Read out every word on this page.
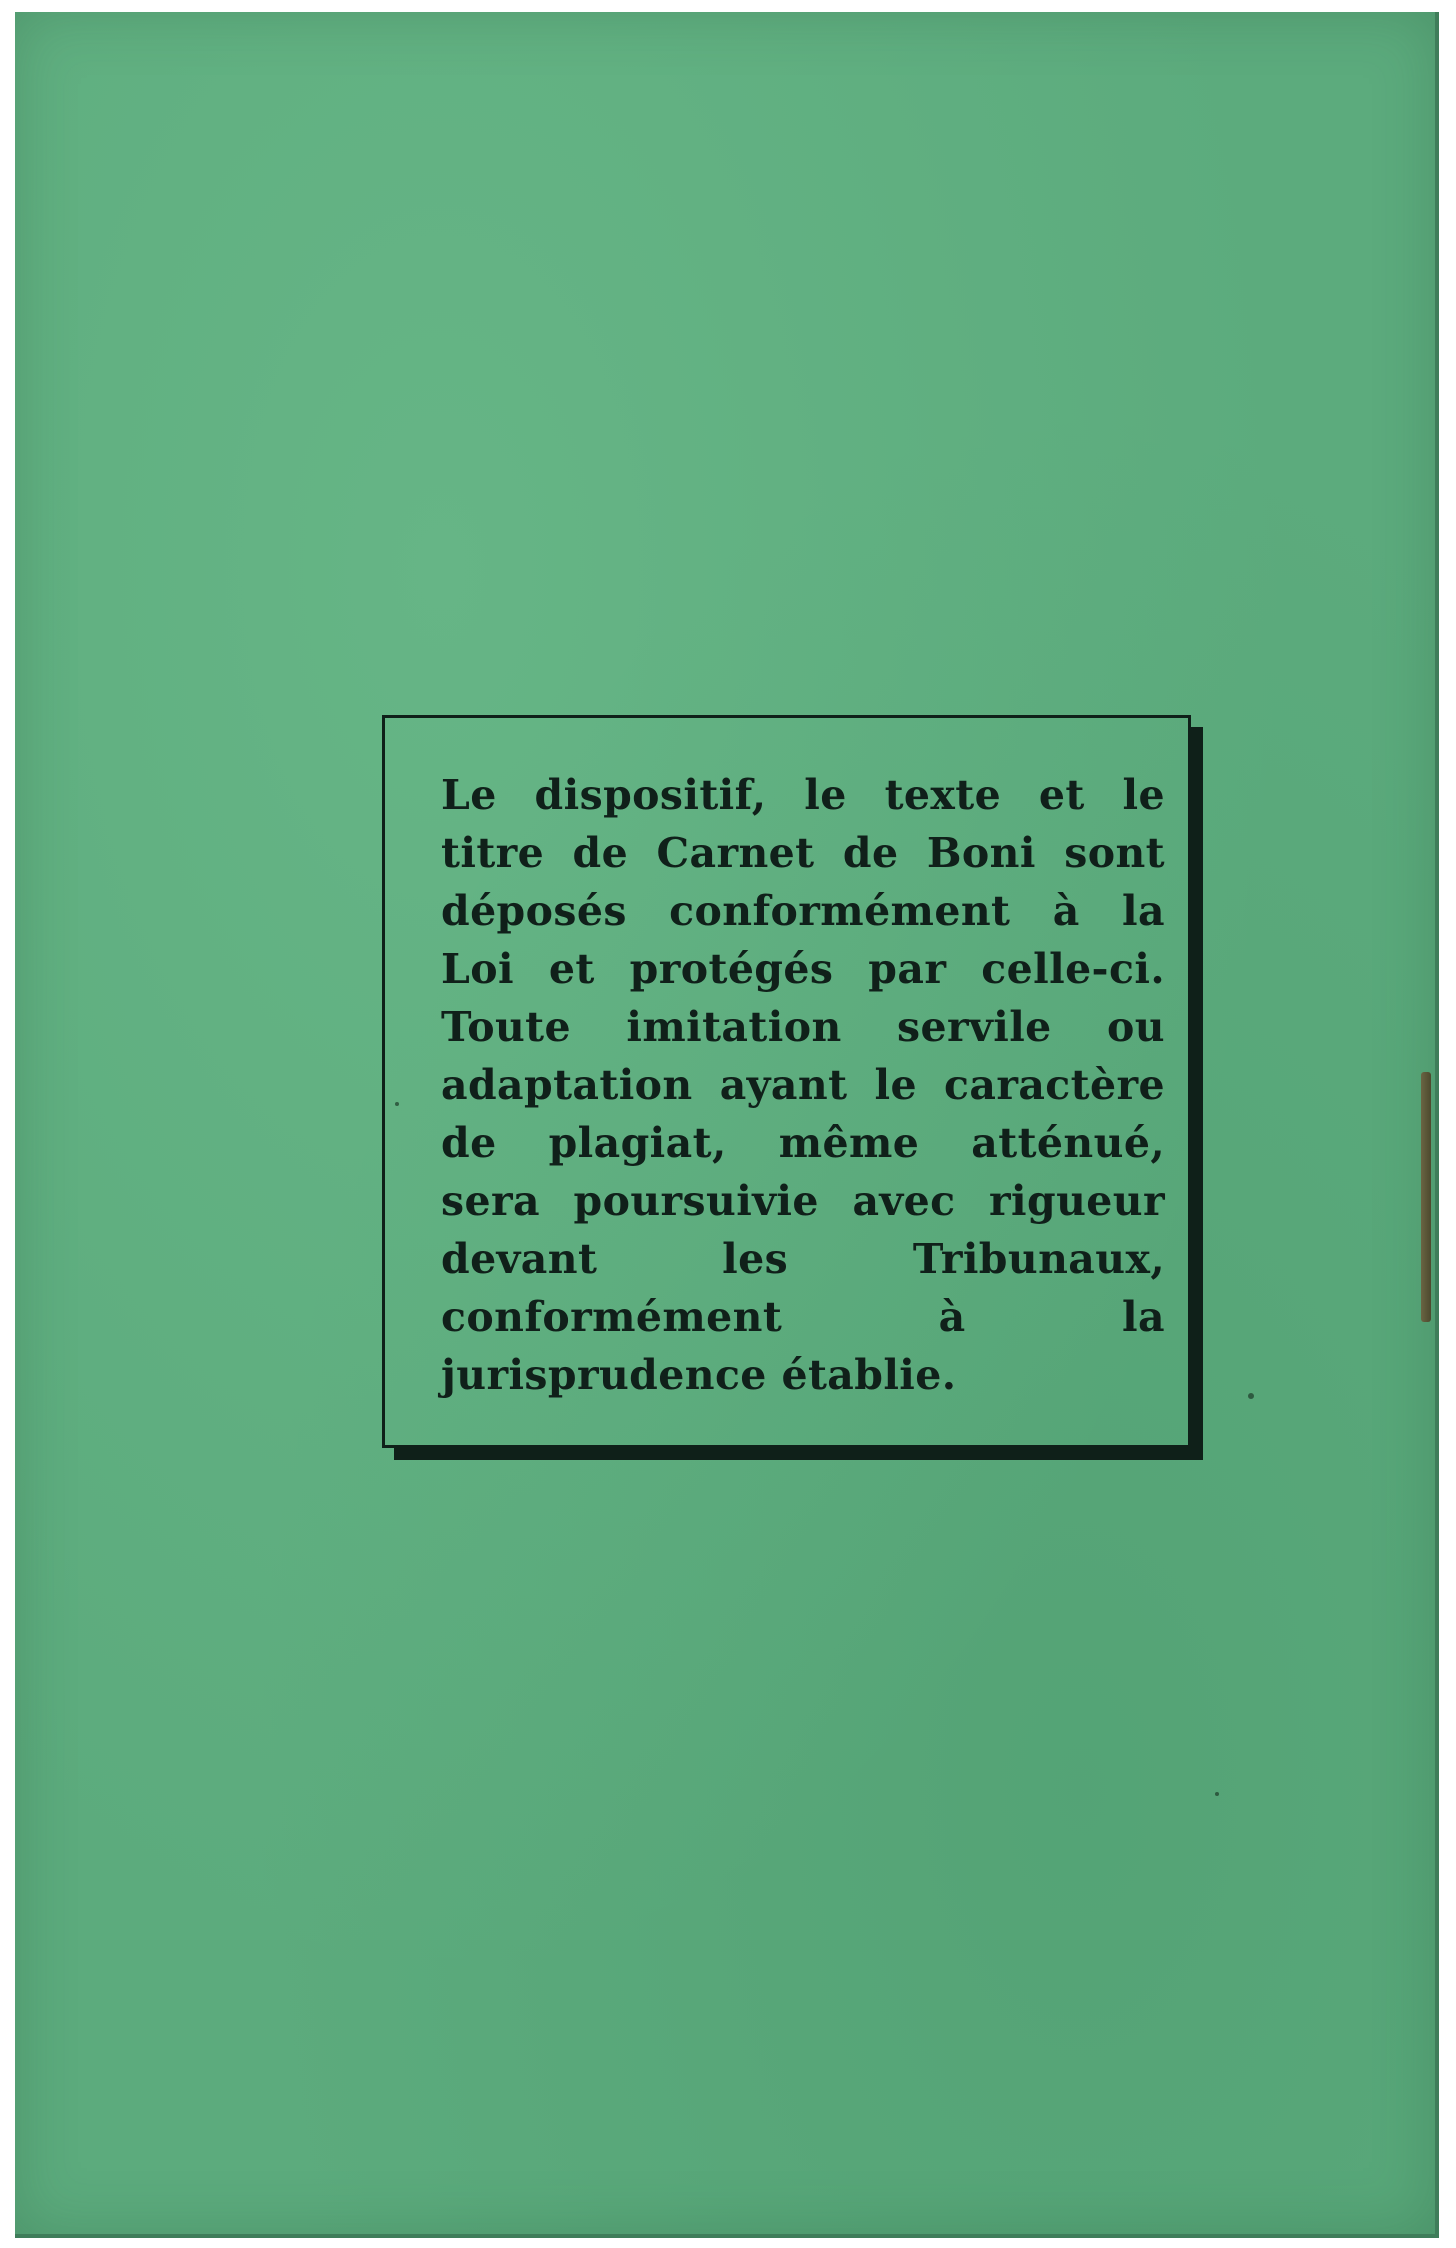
Le dispositif, le texte et le titre de Carnet de Boni sont déposés conformément à la Loi et protégés par celle-ci. Toute imitation servile ou adaptation ayant le caractère de plagiat, même atténué, sera poursuivie avec rigueur devant les Tribunaux, conformément à la jurisprudence établie.
